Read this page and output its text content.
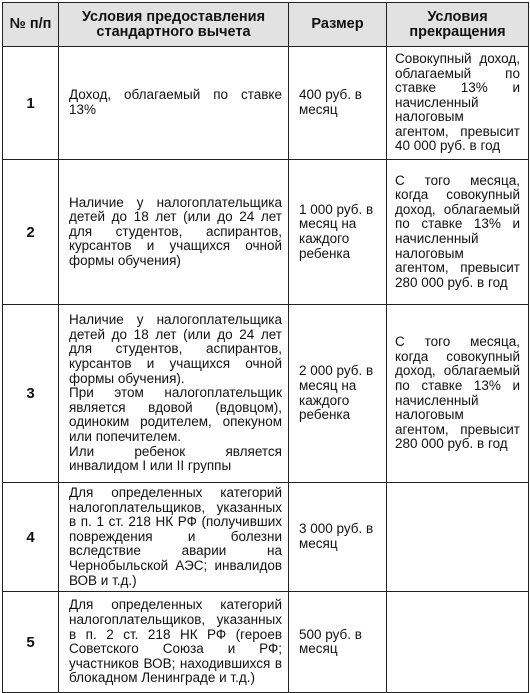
№ п/п	Условия предоставления стандартного вычета	Размер	Условия прекращения
1	Доход, облагаемый по ставке 13%	400 руб. в месяц	Совокупный доход, облагаемый по ставке 13% и начисленный налоговым агентом, превысит 40 000 руб. в год
2	Наличие у налогоплательщика детей до 18 лет (или до 24 лет для студентов, аспирантов, курсантов и учащихся очной формы обучения)	1 000 руб. в месяц на каждого ребенка	С того месяца, когда совокупный доход, облагаемый по ставке 13% и начисленный налоговым агентом, превысит 280 000 руб. в год
3	Наличие у налогоплательщика детей до 18 лет (или до 24 лет для студентов, аспирантов, курсантов и учащихся очной формы обучения).
При этом налогоплательщик является вдовой (вдовцом), одиноким родителем, опекуном или попечителем.
Или ребенок является инвалидом I или II группы	2 000 руб. в месяц на каждого ребенка	С того месяца, когда совокупный доход, облагаемый по ставке 13% и начисленный налоговым агентом, превысит 280 000 руб. в год
4	Для определенных категорий налогоплательщиков, указанных в п. 1 ст. 218 НК РФ (получивших повреждения и болезни вследствие аварии на Чернобыльской АЭС; инвалидов ВОВ и т.д.)	3 000 руб. в месяц	
5	Для определенных категорий налогоплательщиков, указанных в п. 2 ст. 218 НК РФ (героев Советского Союза и РФ; участников ВОВ; находившихся в блокадном Ленинграде и т.д.)	500 руб. в месяц	
